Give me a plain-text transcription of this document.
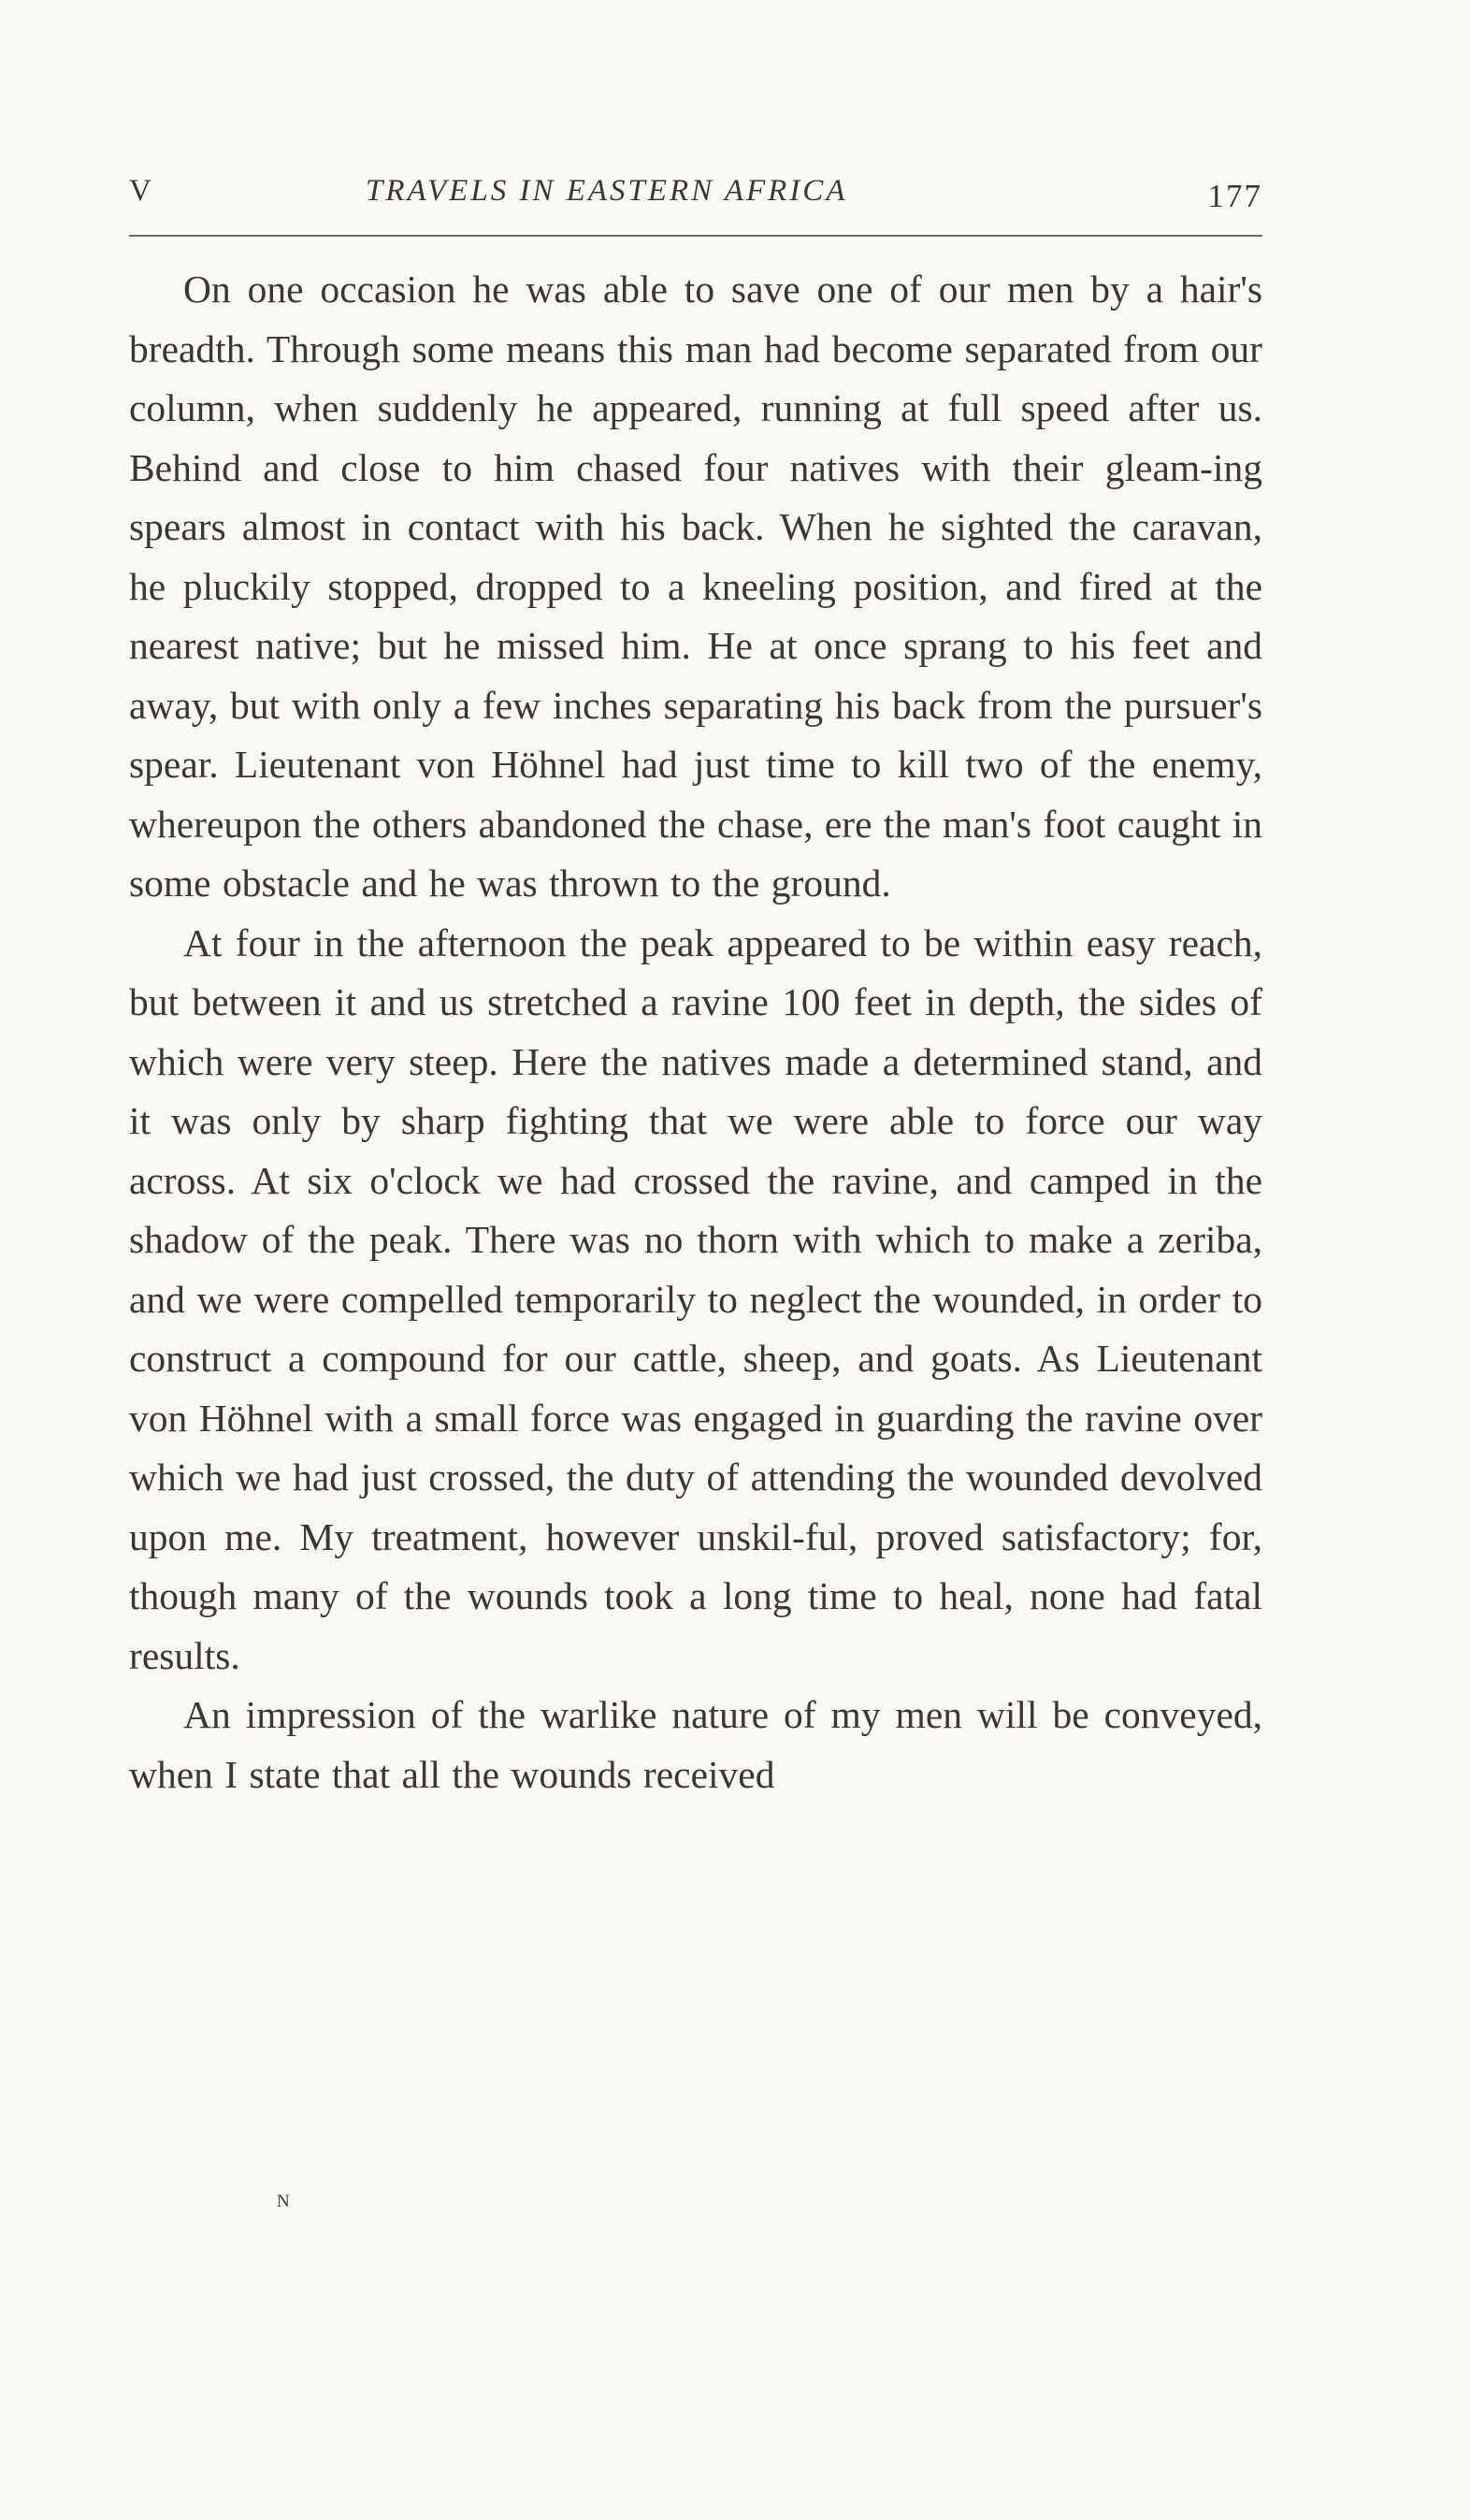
V	TRAVELS IN EASTERN AFRICA	177

On one occasion he was able to save one of our men by a hair's breadth. Through some means this man had become separated from our column, when suddenly he appeared, running at full speed after us. Behind and close to him chased four natives with their gleam-ing spears almost in contact with his back. When he sighted the caravan, he pluckily stopped, dropped to a kneeling position, and fired at the nearest native; but he missed him. He at once sprang to his feet and away, but with only a few inches separating his back from the pursuer's spear. Lieutenant von Höhnel had just time to kill two of the enemy, whereupon the others abandoned the chase, ere the man's foot caught in some obstacle and he was thrown to the ground.

At four in the afternoon the peak appeared to be within easy reach, but between it and us stretched a ravine 100 feet in depth, the sides of which were very steep. Here the natives made a determined stand, and it was only by sharp fighting that we were able to force our way across. At six o'clock we had crossed the ravine, and camped in the shadow of the peak. There was no thorn with which to make a zeriba, and we were compelled temporarily to neglect the wounded, in order to construct a compound for our cattle, sheep, and goats. As Lieutenant von Höhnel with a small force was engaged in guarding the ravine over which we had just crossed, the duty of attending the wounded devolved upon me. My treatment, however unskil-ful, proved satisfactory; for, though many of the wounds took a long time to heal, none had fatal results.

An impression of the warlike nature of my men will be conveyed, when I state that all the wounds received

N
